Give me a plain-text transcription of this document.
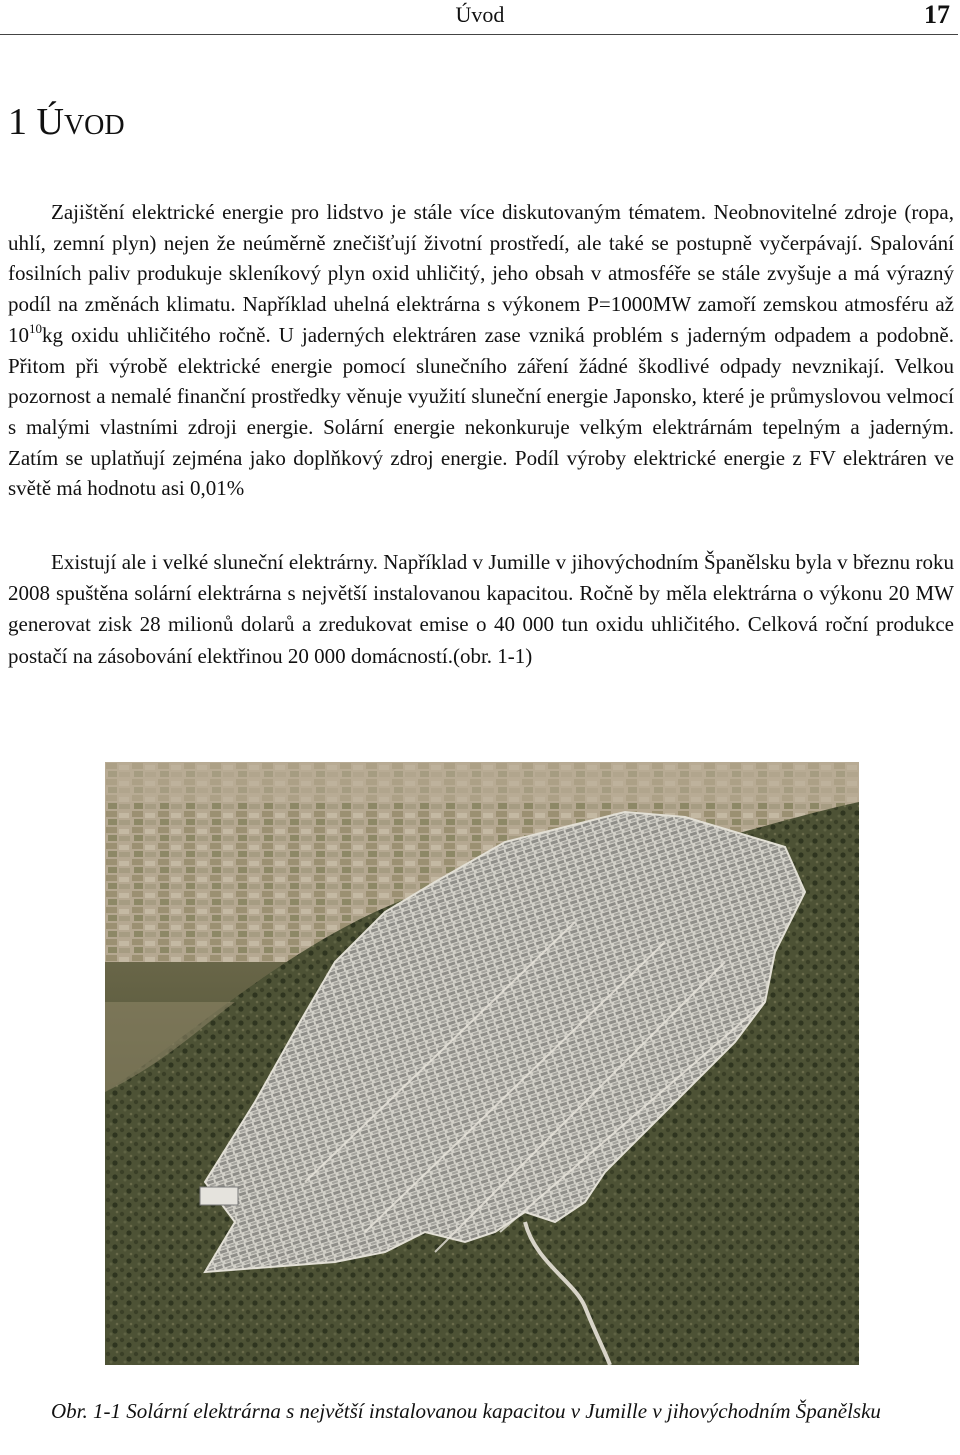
Úvod	17
1 ÚVOD

Zajištění elektrické energie pro lidstvo je stále více diskutovaným tématem. Neobnovitelné zdroje (ropa, uhlí, zemní plyn) nejen že neúměrně znečišťují životní prostředí, ale také se postupně vyčerpávají. Spalování fosilních paliv produkuje skleníkový plyn oxid uhličitý, jeho obsah v atmosféře se stále zvyšuje a má výrazný podíl na změnách klimatu. Například uhelná elektrárna s výkonem P=1000MW zamoří zemskou atmosféru až $10^{10}kg$ oxidu uhličitého ročně. U jaderných elektráren zase vzniká problém s jaderným odpadem a podobně. Přitom při výrobě elektrické energie pomocí slunečního záření žádné škodlivé odpady nevznikají. Velkou pozornost a nemalé finanční prostředky věnuje využití sluneční energie Japonsko, které je průmyslovou velmocí s malými vlastními zdroji energie. Solární energie nekonkuruje velkým elektrárnám tepelným a jaderným. Zatím se uplatňují zejména jako doplňkový zdroj energie. Podíl výroby elektrické energie z FV elektráren ve světě má hodnotu asi 0,01%

Existují ale i velké sluneční elektrárny. Například v Jumille v jihovýchodním Španělsku byla v březnu roku 2008 spuštěna solární elektrárna s největší instalovanou kapacitou. Ročně by měla elektrárna o výkonu 20 MW generovat zisk 28 milionů dolarů a zredukovat emise o 40 000 tun oxidu uhličitého. Celková roční produkce postačí na zásobování elektřinou 20 000 domácností.(obr. 1-1)

Obr. 1-1 Solární elektrárna s největší instalovanou kapacitou v Jumille v jihovýchodním Španělsku
